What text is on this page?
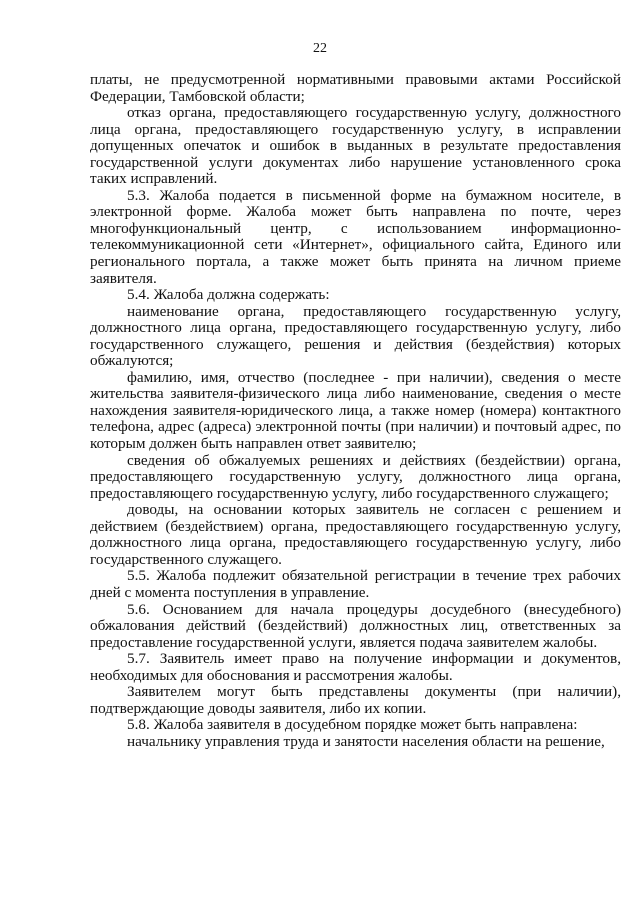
22

платы, не предусмотренной нормативными правовыми актами Российской Федерации, Тамбовской области;

отказ органа, предоставляющего государственную услугу, должностного лица органа, предоставляющего государственную услугу, в исправлении допущенных опечаток и ошибок в выданных в результате предоставления государственной услуги документах либо нарушение установленного срока таких исправлений.

5.3. Жалоба подается в письменной форме на бумажном носителе, в электронной форме. Жалоба может быть направлена по почте, через многофункциональный центр, с использованием информационно-телекоммуникационной сети «Интернет», официального сайта, Единого или регионального портала, а также может быть принята на личном приеме заявителя.

5.4. Жалоба должна содержать:

наименование органа, предоставляющего государственную услугу, должностного лица органа, предоставляющего государственную услугу, либо государственного служащего, решения и действия (бездействия) которых обжалуются;

фамилию, имя, отчество (последнее - при наличии), сведения о месте жительства заявителя-физического лица либо наименование, сведения о месте нахождения заявителя-юридического лица, а также номер (номера) контактного телефона, адрес (адреса) электронной почты (при наличии) и почтовый адрес, по которым должен быть направлен ответ заявителю;

сведения об обжалуемых решениях и действиях (бездействии) органа, предоставляющего государственную услугу, должностного лица органа, предоставляющего государственную услугу, либо государственного служащего;

доводы, на основании которых заявитель не согласен с решением и действием (бездействием) органа, предоставляющего государственную услугу, должностного лица органа, предоставляющего государственную услугу, либо государственного служащего.

5.5. Жалоба подлежит обязательной регистрации в течение трех рабочих дней с момента поступления в управление.

5.6. Основанием для начала процедуры досудебного (внесудебного) обжалования действий (бездействий) должностных лиц, ответственных за предоставление государственной услуги, является подача заявителем жалобы.

5.7. Заявитель имеет право на получение информации и документов, необходимых для обоснования и рассмотрения жалобы.

Заявителем могут быть представлены документы (при наличии), подтверждающие доводы заявителя, либо их копии.

5.8. Жалоба заявителя в досудебном порядке может быть направлена:

начальнику управления труда и занятости населения области на решение,
